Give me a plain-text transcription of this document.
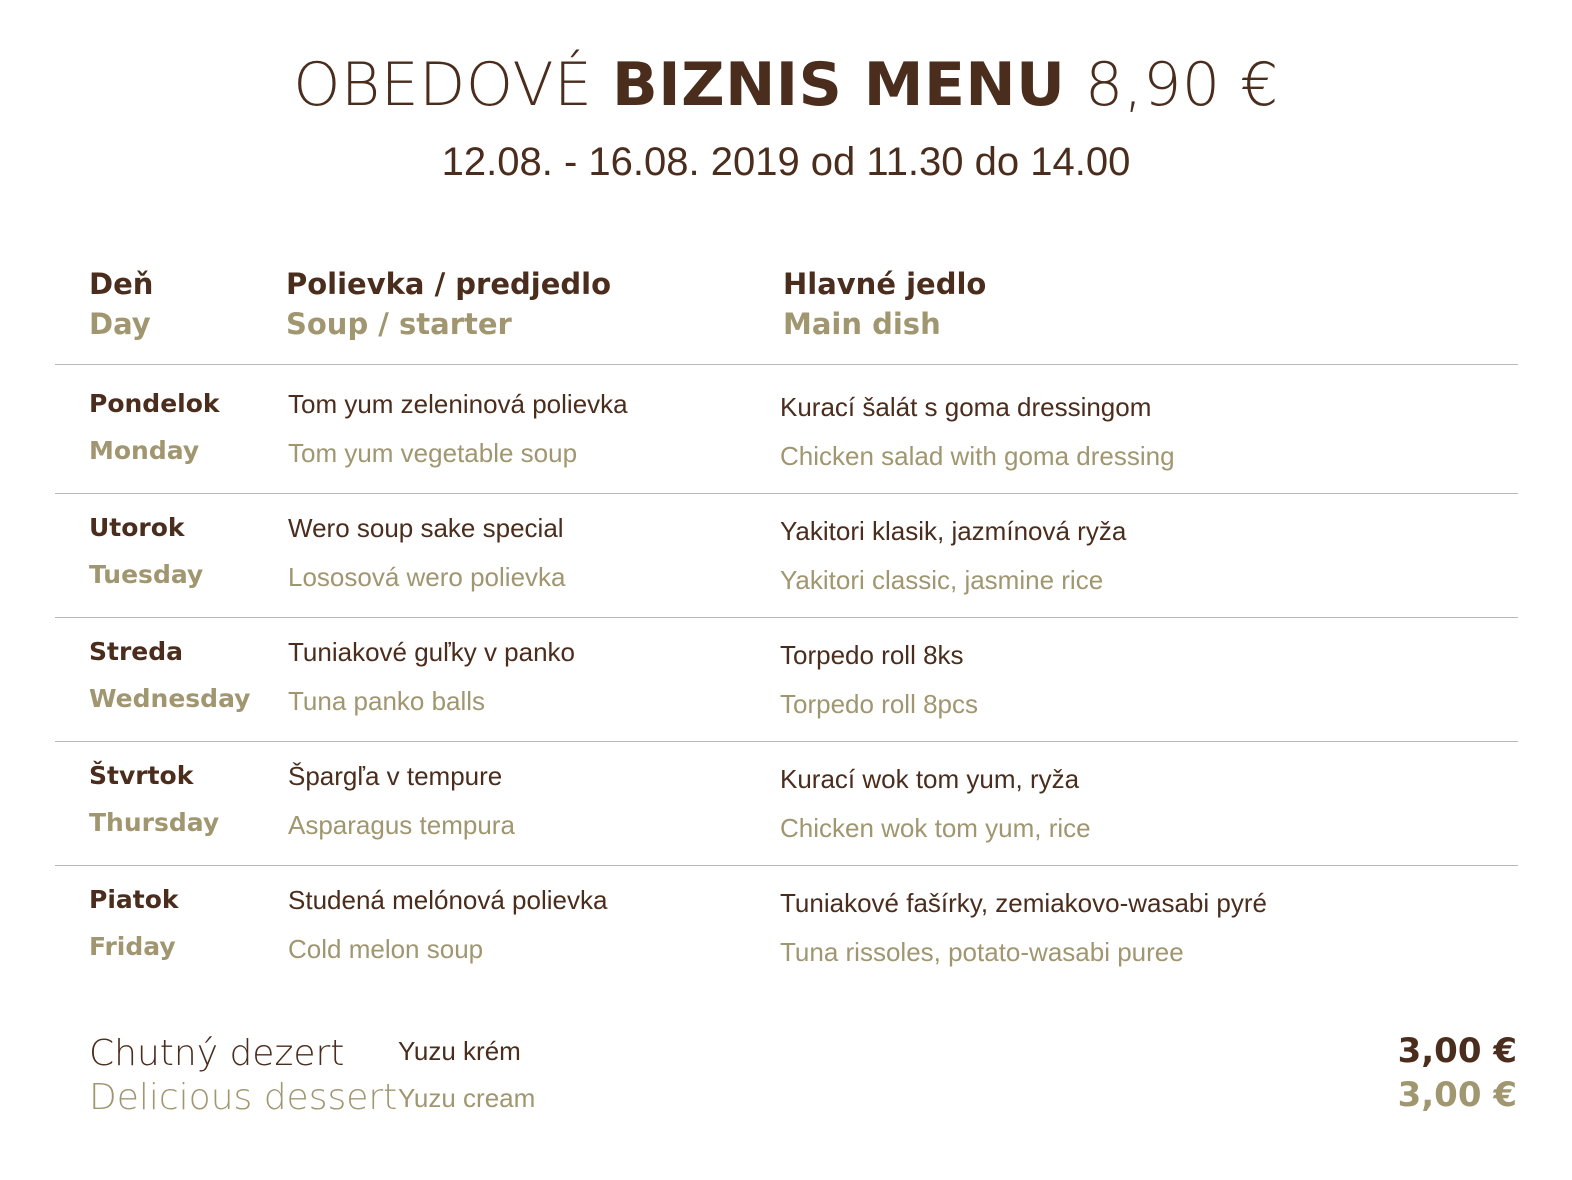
OBEDOVÉ BIZNIS MENU 8,90 €
12.08. - 16.08. 2019 od 11.30 do 14.00
Deň
Day
Polievka / predjedlo
Soup / starter
Hlavné jedlo
Main dish
Pondelok
Monday
Tom yum zeleninová polievka
Tom yum vegetable soup
Kurací šalát s goma dressingom
Chicken salad with goma dressing
Utorok
Tuesday
Wero soup sake special
Lososová wero polievka
Yakitori klasik, jazmínová ryža
Yakitori classic, jasmine rice
Streda
Wednesday
Tuniakové guľky v panko
Tuna panko balls
Torpedo roll 8ks
Torpedo roll 8pcs
Štvrtok
Thursday
Špargľa v tempure
Asparagus tempura
Kurací wok tom yum, ryža
Chicken wok tom yum, rice
Piatok
Friday
Studená melónová polievka
Cold melon soup
Tuniakové fašírky, zemiakovo-wasabi pyré
Tuna rissoles, potato-wasabi puree
Chutný dezert
Delicious dessert
Yuzu krém
Yuzu cream
3,00 €
3,00 €
